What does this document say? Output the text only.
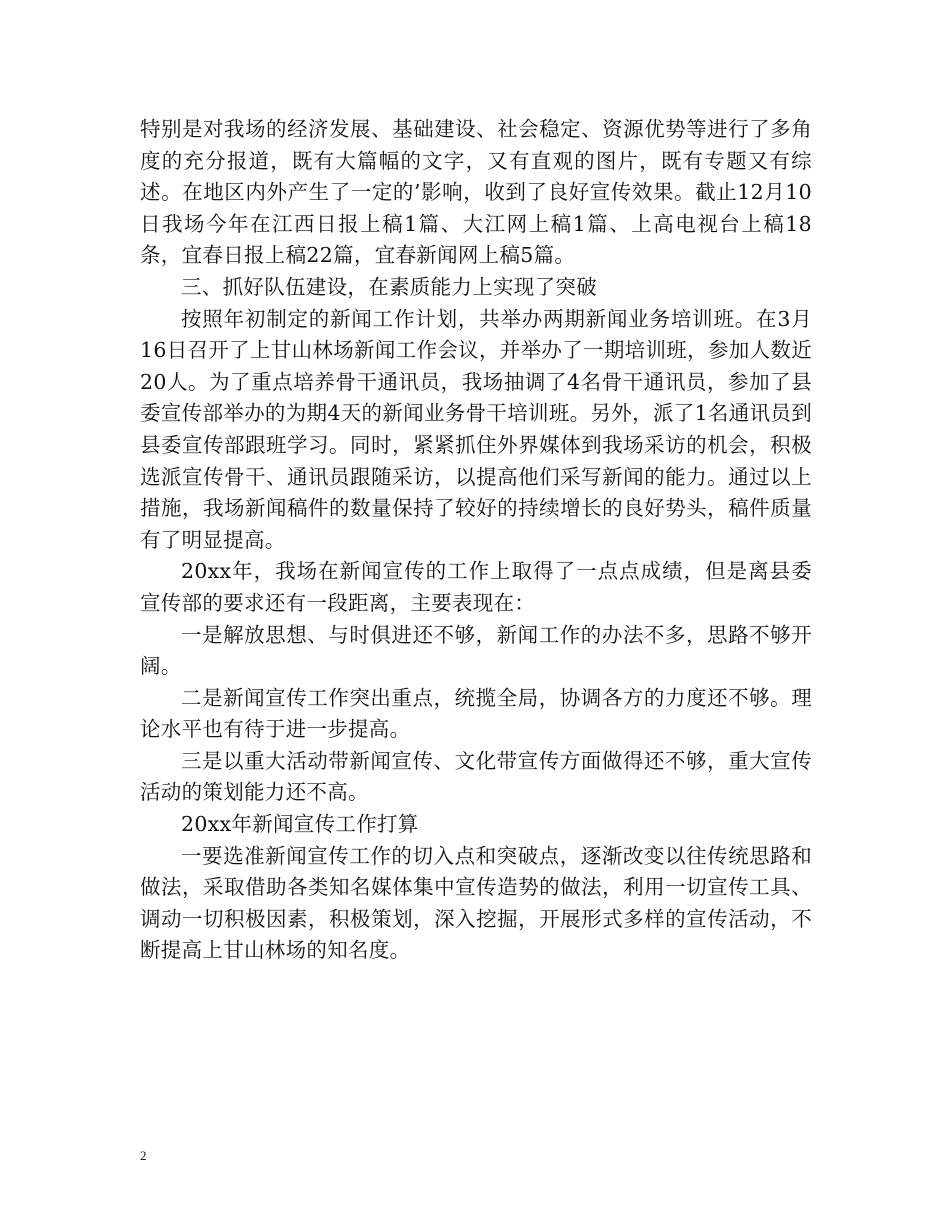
特别是对我场的经济发展、基础建设、社会稳定、资源优势等进行了多角度的充分报道，既有大篇幅的文字，又有直观的图片，既有专题又有综述。在地区内外产生了一定的’影响，收到了良好宣传效果。截止12月10日我场今年在江西日报上稿1篇、大江网上稿1篇、上高电视台上稿18条，宜春日报上稿22篇，宜春新闻网上稿5篇。

三、抓好队伍建设，在素质能力上实现了突破

按照年初制定的新闻工作计划，共举办两期新闻业务培训班。在3月16日召开了上甘山林场新闻工作会议，并举办了一期培训班，参加人数近20人。为了重点培养骨干通讯员，我场抽调了4名骨干通讯员，参加了县委宣传部举办的为期4天的新闻业务骨干培训班。另外，派了1名通讯员到县委宣传部跟班学习。同时，紧紧抓住外界媒体到我场采访的机会，积极选派宣传骨干、通讯员跟随采访，以提高他们采写新闻的能力。通过以上措施，我场新闻稿件的数量保持了较好的持续增长的良好势头，稿件质量有了明显提高。

20xx年，我场在新闻宣传的工作上取得了一点点成绩，但是离县委宣传部的要求还有一段距离，主要表现在：

一是解放思想、与时俱进还不够，新闻工作的办法不多，思路不够开阔。

二是新闻宣传工作突出重点，统揽全局，协调各方的力度还不够。理论水平也有待于进一步提高。

三是以重大活动带新闻宣传、文化带宣传方面做得还不够，重大宣传活动的策划能力还不高。

20xx年新闻宣传工作打算

一要选准新闻宣传工作的切入点和突破点，逐渐改变以往传统思路和做法，采取借助各类知名媒体集中宣传造势的做法，利用一切宣传工具、调动一切积极因素，积极策划，深入挖掘，开展形式多样的宣传活动，不断提高上甘山林场的知名度。

2
